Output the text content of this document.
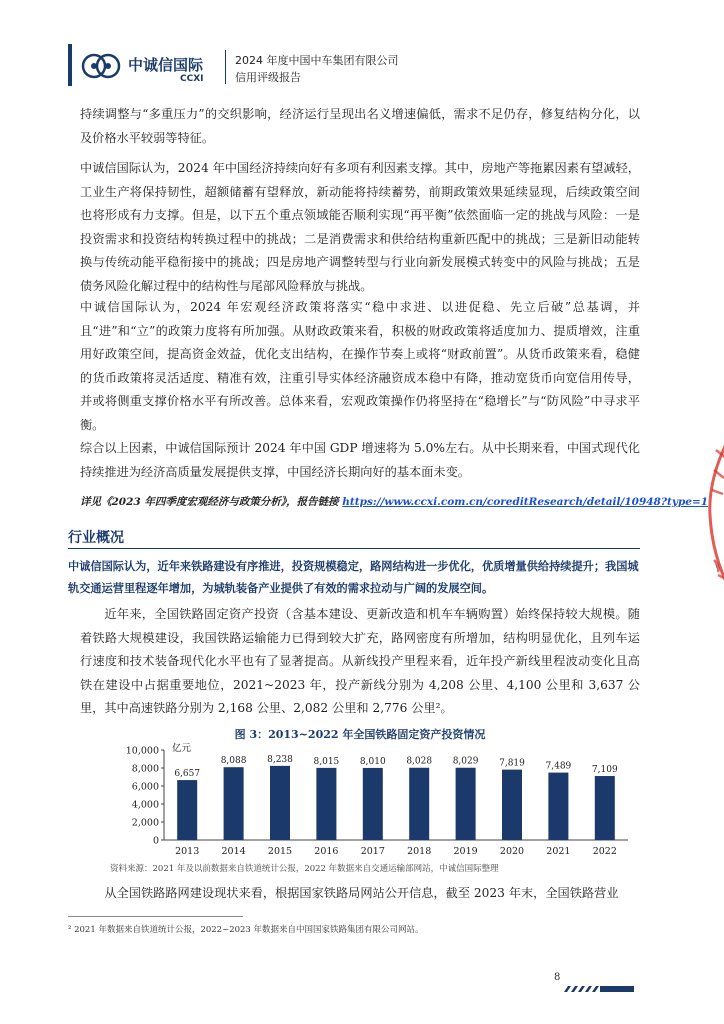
中诚信国际
CCXI
2024 年度中国中车集团有限公司
信用评级报告
持续调整与“多重压力”的交织影响，经济运行呈现出名义增速偏低，需求不足仍存，修复结构分化，以及价格水平较弱等特征。
中诚信国际认为，2024 年中国经济持续向好有多项有利因素支撑。其中，房地产等拖累因素有望减轻，工业生产将保持韧性，超额储蓄有望释放，新动能将持续蓄势，前期政策效果延续显现，后续政策空间也将形成有力支撑。但是，以下五个重点领域能否顺利实现“再平衡”依然面临一定的挑战与风险：一是投资需求和投资结构转换过程中的挑战；二是消费需求和供给结构重新匹配中的挑战；三是新旧动能转换与传统动能平稳衔接中的挑战；四是房地产调整转型与行业向新发展模式转变中的风险与挑战；五是债务风险化解过程中的结构性与尾部风险释放与挑战。
中诚信国际认为，2024 年宏观经济政策将落实“稳中求进、以进促稳、先立后破”总基调，并且“进”和“立”的政策力度将有所加强。从财政政策来看，积极的财政政策将适度加力、提质增效，注重用好政策空间，提高资金效益，优化支出结构，在操作节奏上或将“财政前置”。从货币政策来看，稳健的货币政策将灵活适度、精准有效，注重引导实体经济融资成本稳中有降，推动宽货币向宽信用传导，并或将侧重支撑价格水平有所改善。总体来看，宏观政策操作仍将坚持在“稳增长”与“防风险”中寻求平衡。
综合以上因素，中诚信国际预计 2024 年中国 GDP 增速将为 5.0%左右。从中长期来看，中国式现代化持续推进为经济高质量发展提供支撑，中国经济长期向好的基本面未变。
详见《2023 年四季度宏观经济与政策分析》，报告链接 https://www.ccxi.com.cn/coreditResearch/detail/10948?type=1
行业概况
中诚信国际认为，近年来铁路建设有序推进，投资规模稳定，路网结构进一步优化，优质增量供给持续提升；我国城轨交通运营里程逐年增加，为城轨装备产业提供了有效的需求拉动与广阔的发展空间。
近年来，全国铁路固定资产投资（含基本建设、更新改造和机车车辆购置）始终保持较大规模。随着铁路大规模建设，我国铁路运输能力已得到较大扩充，路网密度有所增加，结构明显优化，且列车运行速度和技术装备现代化水平也有了显著提高。从新线投产里程来看，近年投产新线里程波动变化且高铁在建设中占据重要地位，2021~2023 年，投产新线分别为 4,208 公里、4,100 公里和 3,637 公里，其中高速铁路分别为 2,168 公里、2,082 公里和 2,776 公里²。
图 3：2013~2022 年全国铁路固定资产投资情况
0
2,000
4,000
6,000
8,000
10,000 亿元
6,657
2013
8,088
2014
8,238
2015
8,015
2016
8,010
2017
8,028
2018
8,029
2019
7,819
2020
7,489
2021
7,109
2022
资料来源：2021 年及以前数据来自铁道统计公报，2022 年数据来自交通运输部网站，中诚信国际整理
从全国铁路路网建设现状来看，根据国家铁路局网站公开信息，截至 2023 年末，全国铁路营业
² 2021 年数据来自铁道统计公报，2022~2023 年数据来自中国国家铁路集团有限公司网站。
8
